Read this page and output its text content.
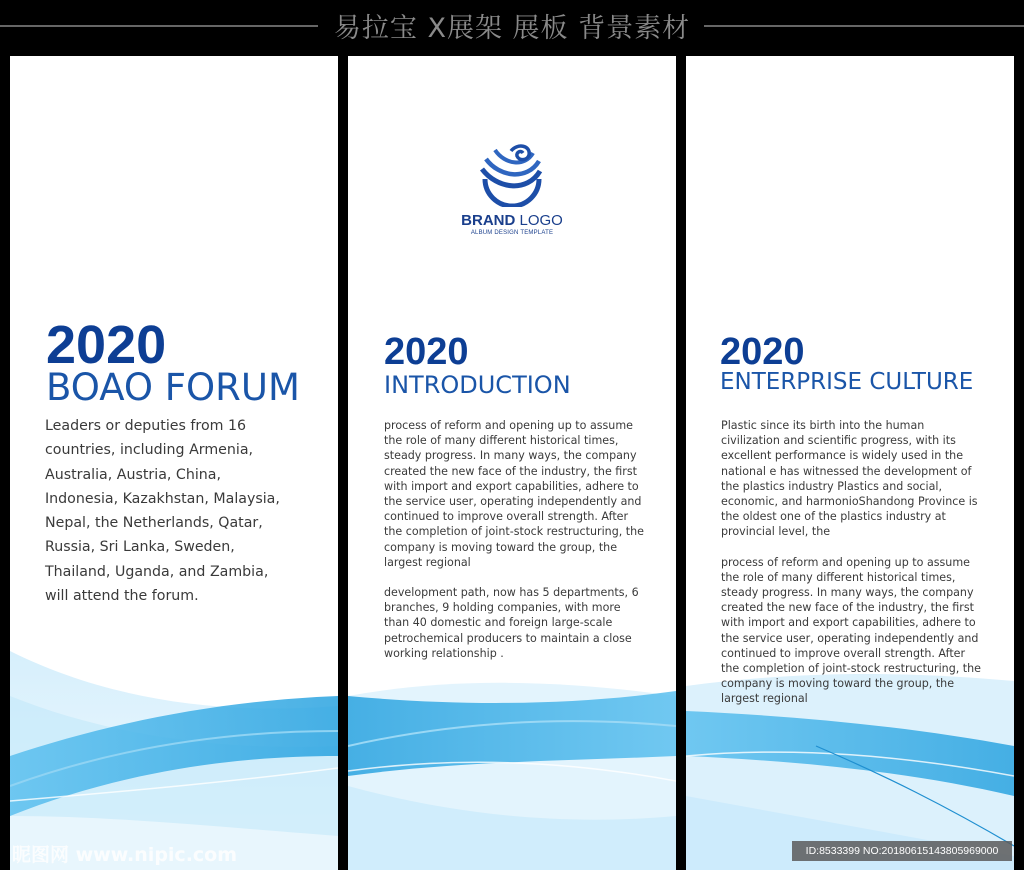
易拉宝 X展架 展板 背景素材
2020
BOAO FORUM
Leaders or deputies from 16 countries, including Armenia, Australia, Austria, China, Indonesia, Kazakhstan, Malaysia, Nepal, the Netherlands, Qatar, Russia, Sri Lanka, Sweden, Thailand, Uganda, and Zambia, will attend the forum.
BRAND LOGO
ALBUM DESIGN TEMPLATE
2020
INTRODUCTION

process of reform and opening up to assume the role of many different historical times, steady progress. In many ways, the company created the new face of the industry, the first with import and export capabilities, adhere to the service user, operating independently and continued to improve overall strength. After the completion of joint-stock restructuring, the company is moving toward the group, the largest regional

development path, now has 5 departments, 6 branches, 9 holding companies, with more than 40 domestic and foreign large-scale petrochemical producers to maintain a close working relationship .

2020
ENTERPRISE CULTURE

Plastic since its birth into the human civilization and scientific progress, with its excellent performance is widely used in the national e has witnessed the development of the plastics industry Plastics and social, economic, and harmonioShandong Province is the oldest one of the plastics industry at provincial level, the

process of reform and opening up to assume the role of many different historical times, steady progress. In many ways, the company created the new face of the industry, the first with import and export capabilities, adhere to the service user, operating independently and continued to improve overall strength. After the completion of joint-stock restructuring, the company is moving toward the group, the largest regional

昵图网 www.nipic.com	ID:8533399 NO:20180615143805969000
